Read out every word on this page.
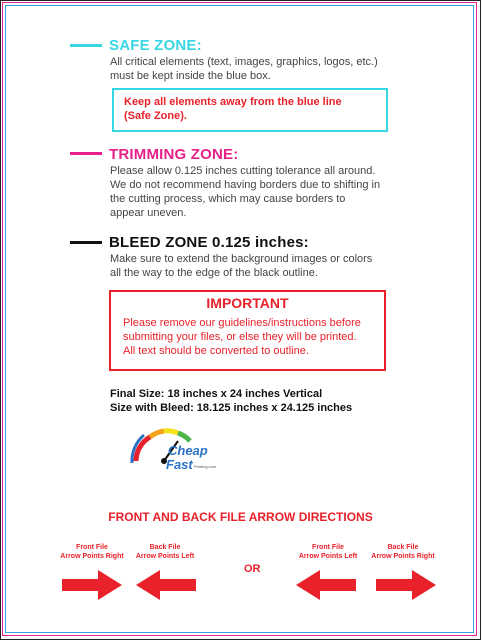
SAFE ZONE:
All critical elements (text, images, graphics, logos, etc.)
must be kept inside the blue box.
Keep all elements away from the blue line
(Safe Zone).
TRIMMING ZONE:
Please allow 0.125 inches cutting tolerance all around.
We do not recommend having borders due to shifting in
the cutting process, which may cause borders to
appear uneven.
BLEED ZONE 0.125 inches:
Make sure to extend the background images or colors
all the way to the edge of the black outline.
IMPORTANT
Please remove our guidelines/instructions before
submitting your files, or else they will be printed.
All text should be converted to outline.
Final Size: 18 inches x 24 inches Vertical
Size with Bleed: 18.125 inches x 24.125 inches
Cheap
Fast Printing.com
FRONT AND BACK FILE ARROW DIRECTIONS
Front File
Arrow Points Right
Back File
Arrow Points Left
Front File
Arrow Points Left
Back File
Arrow Points Right
OR
